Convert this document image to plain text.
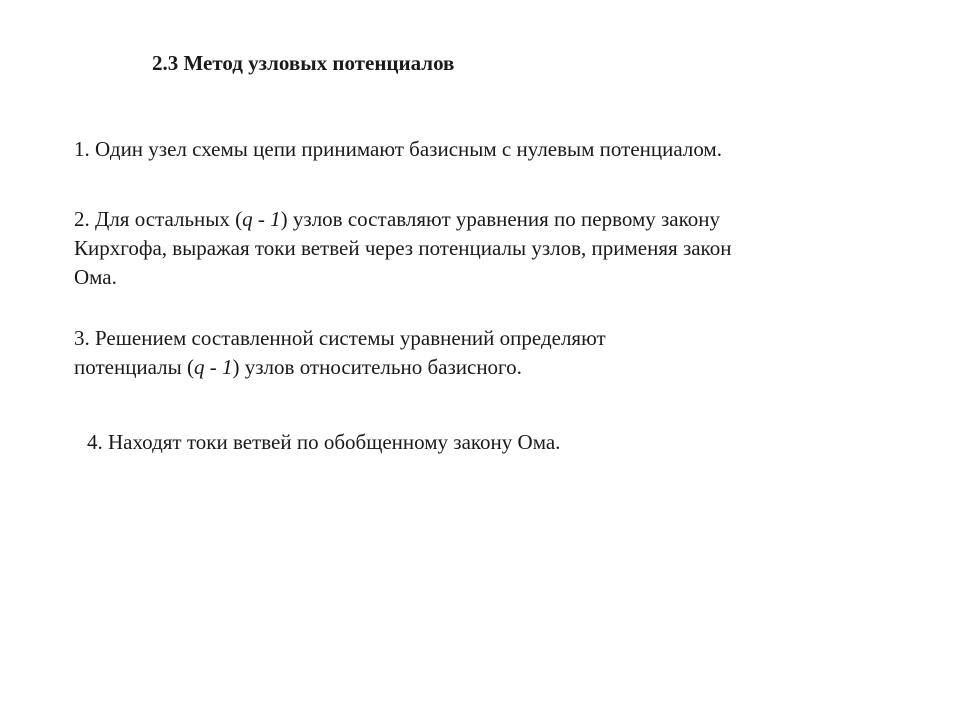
2.3 Метод узловых потенциалов
1. Один узел схемы цепи принимают базисным с нулевым потенциалом.
2. Для остальных (q - 1) узлов составляют уравнения по первому закону
Кирхгофа, выражая токи ветвей через потенциалы узлов, применяя закон
Ома.
3. Решением составленной системы уравнений определяют
потенциалы (q - 1) узлов относительно базисного.
4. Находят токи ветвей по обобщенному закону Ома.
